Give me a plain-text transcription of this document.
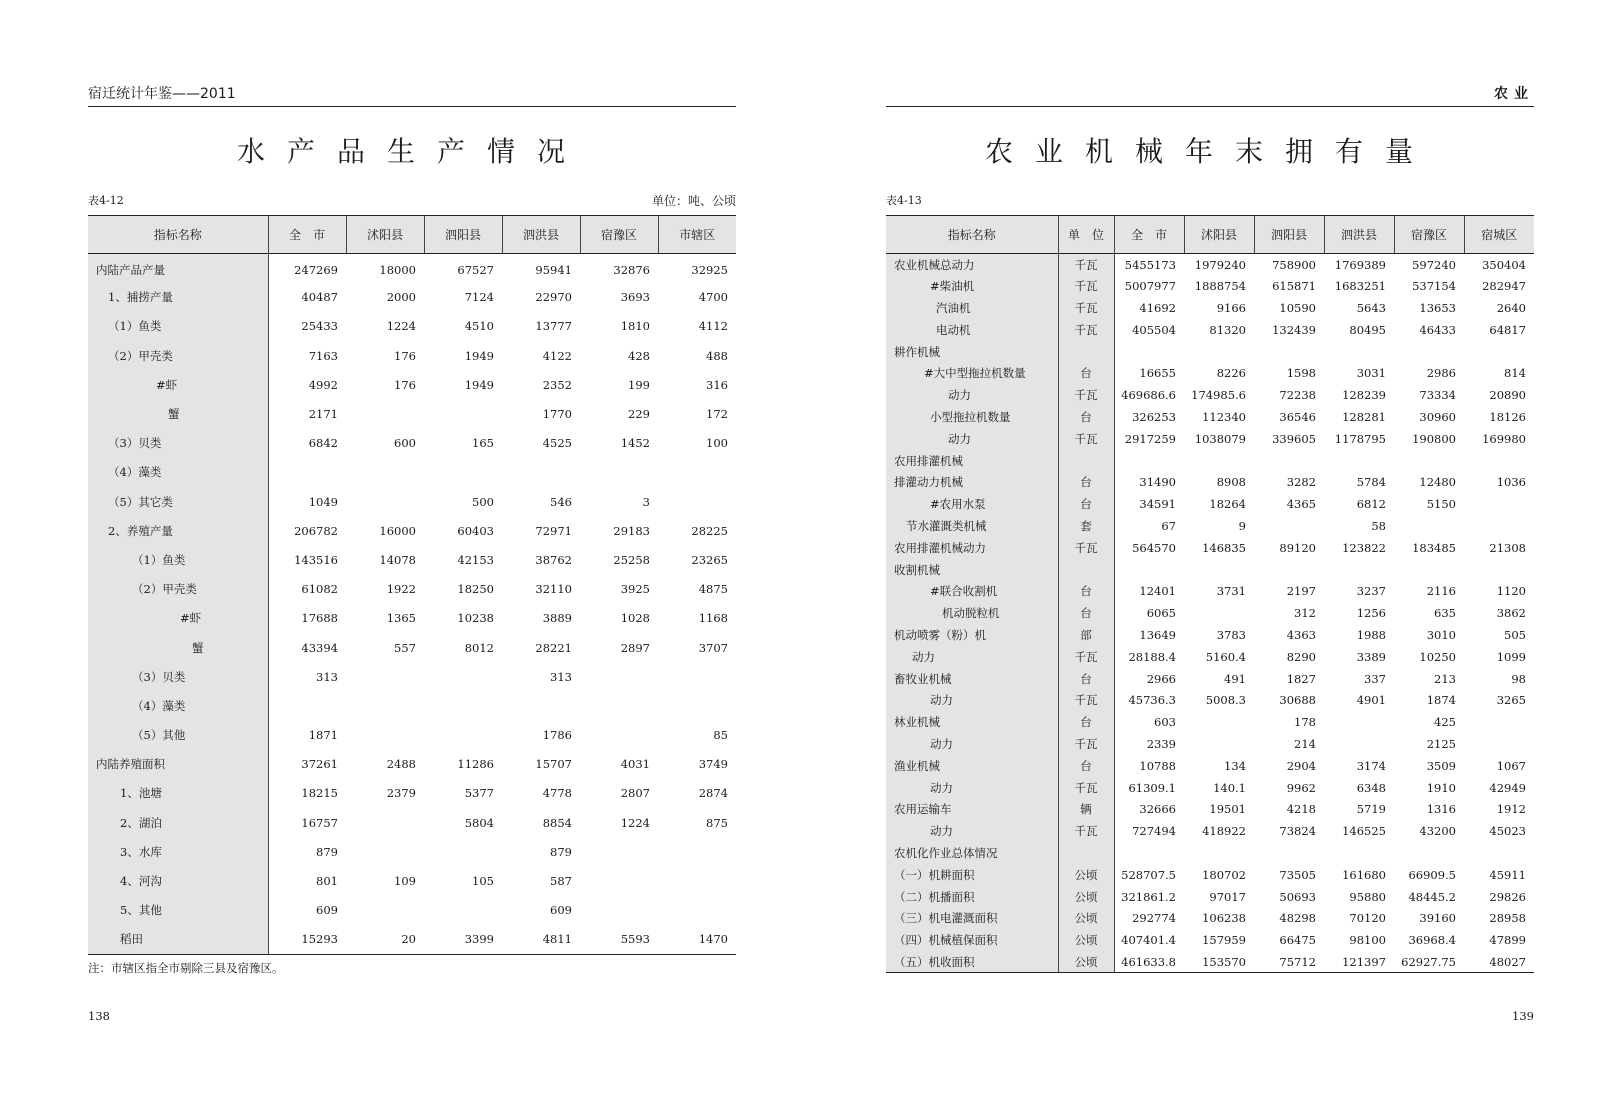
宿迁统计年鉴——2011
水产品生产情况
表4-12	单位：吨、公顷
指标名称	全　市	沭阳县	泗阳县	泗洪县	宿豫区	市辖区
内陆产品产量	247269	18000	67527	95941	32876	32925
1、捕捞产量	40487	2000	7124	22970	3693	4700
（1）鱼类	25433	1224	4510	13777	1810	4112
（2）甲壳类	7163	176	1949	4122	428	488
#虾	4992	176	1949	2352	199	316
蟹	2171			1770	229	172
（3）贝类	6842	600	165	4525	1452	100
（4）藻类						
（5）其它类	1049		500	546	3	
2、养殖产量	206782	16000	60403	72971	29183	28225
（1）鱼类	143516	14078	42153	38762	25258	23265
（2）甲壳类	61082	1922	18250	32110	3925	4875
#虾	17688	1365	10238	3889	1028	1168
蟹	43394	557	8012	28221	2897	3707
（3）贝类	313			313		
（4）藻类						
（5）其他	1871			1786		85
内陆养殖面积	37261	2488	11286	15707	4031	3749
1、池塘	18215	2379	5377	4778	2807	2874
2、湖泊	16757		5804	8854	1224	875
3、水库	879			879		
4、河沟	801	109	105	587		
5、其他	609			609		
稻田	15293	20	3399	4811	5593	1470
注：市辖区指全市剔除三县及宿豫区。
138
农业
农业机械年末拥有量
表4-13
指标名称	单　位	全　市	沭阳县	泗阳县	泗洪县	宿豫区	宿城区
农业机械总动力	千瓦	5455173	1979240	758900	1769389	597240	350404
#柴油机	千瓦	5007977	1888754	615871	1683251	537154	282947
汽油机	千瓦	41692	9166	10590	5643	13653	2640
电动机	千瓦	405504	81320	132439	80495	46433	64817
耕作机械							
#大中型拖拉机数量	台	16655	8226	1598	3031	2986	814
动力	千瓦	469686.6	174985.6	72238	128239	73334	20890
小型拖拉机数量	台	326253	112340	36546	128281	30960	18126
动力	千瓦	2917259	1038079	339605	1178795	190800	169980
农用排灌机械							
排灌动力机械	台	31490	8908	3282	5784	12480	1036
#农用水泵	台	34591	18264	4365	6812	5150	
节水灌溉类机械	套	67	9		58		
农用排灌机械动力	千瓦	564570	146835	89120	123822	183485	21308
收割机械							
#联合收割机	台	12401	3731	2197	3237	2116	1120
机动脱粒机	台	6065		312	1256	635	3862
机动喷雾（粉）机	部	13649	3783	4363	1988	3010	505
动力	千瓦	28188.4	5160.4	8290	3389	10250	1099
畜牧业机械	台	2966	491	1827	337	213	98
动力	千瓦	45736.3	5008.3	30688	4901	1874	3265
林业机械	台	603		178		425	
动力	千瓦	2339		214		2125	
渔业机械	台	10788	134	2904	3174	3509	1067
动力	千瓦	61309.1	140.1	9962	6348	1910	42949
农用运输车	辆	32666	19501	4218	5719	1316	1912
动力	千瓦	727494	418922	73824	146525	43200	45023
农机化作业总体情况							
（一）机耕面积	公顷	528707.5	180702	73505	161680	66909.5	45911
（二）机播面积	公顷	321861.2	97017	50693	95880	48445.2	29826
（三）机电灌溉面积	公顷	292774	106238	48298	70120	39160	28958
（四）机械植保面积	公顷	407401.4	157959	66475	98100	36968.4	47899
（五）机收面积	公顷	461633.8	153570	75712	121397	62927.75	48027
139
